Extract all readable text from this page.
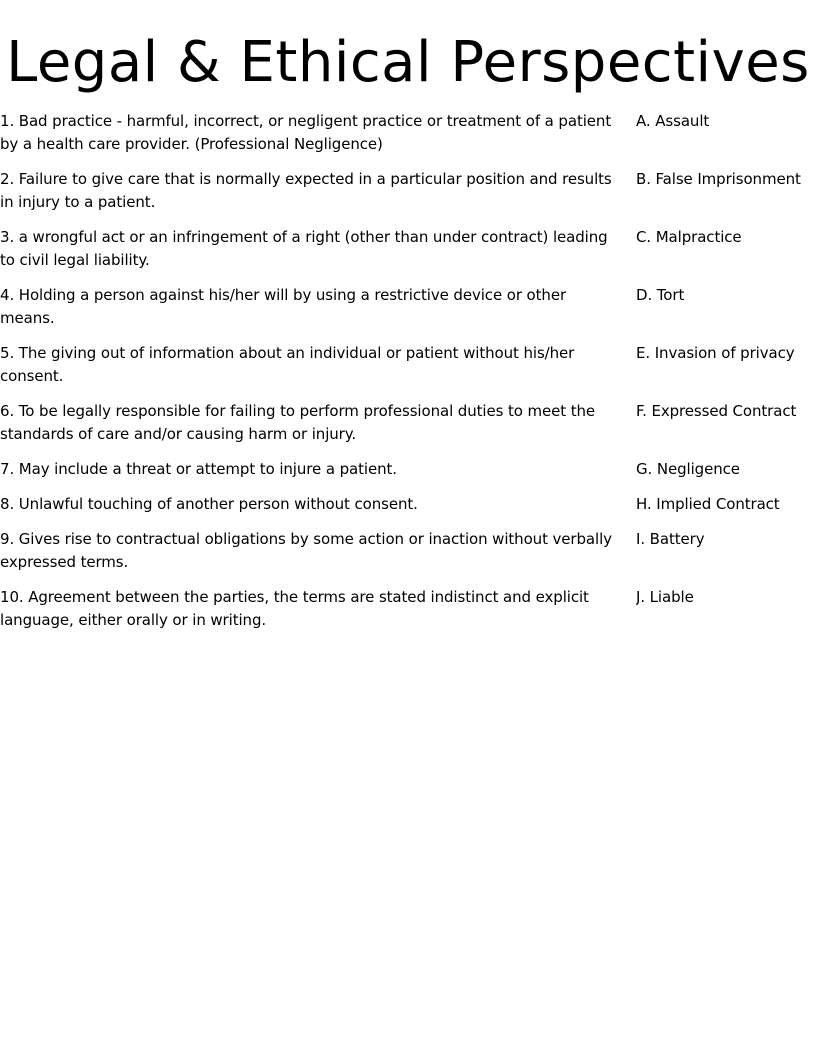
Legal & Ethical Perspectives
1. Bad practice - harmful, incorrect, or negligent practice or treatment of a patient by a health care provider. (Professional Negligence)
A. Assault
2. Failure to give care that is normally expected in a particular position and results in injury to a patient.
B. False Imprisonment
3. a wrongful act or an infringement of a right (other than under contract) leading to civil legal liability.
C. Malpractice
4. Holding a person against his/her will by using a restrictive device or other means.
D. Tort
5. The giving out of information about an individual or patient without his/her consent.
E. Invasion of privacy
6. To be legally responsible for failing to perform professional duties to meet the standards of care and/or causing harm or injury.
F. Expressed Contract
7. May include a threat or attempt to injure a patient.	G. Negligence
8. Unlawful touching of another person without consent.	H. Implied Contract
9. Gives rise to contractual obligations by some action or inaction without verbally expressed terms.
I. Battery
10. Agreement between the parties, the terms are stated indistinct and explicit language, either orally or in writing.
J. Liable
